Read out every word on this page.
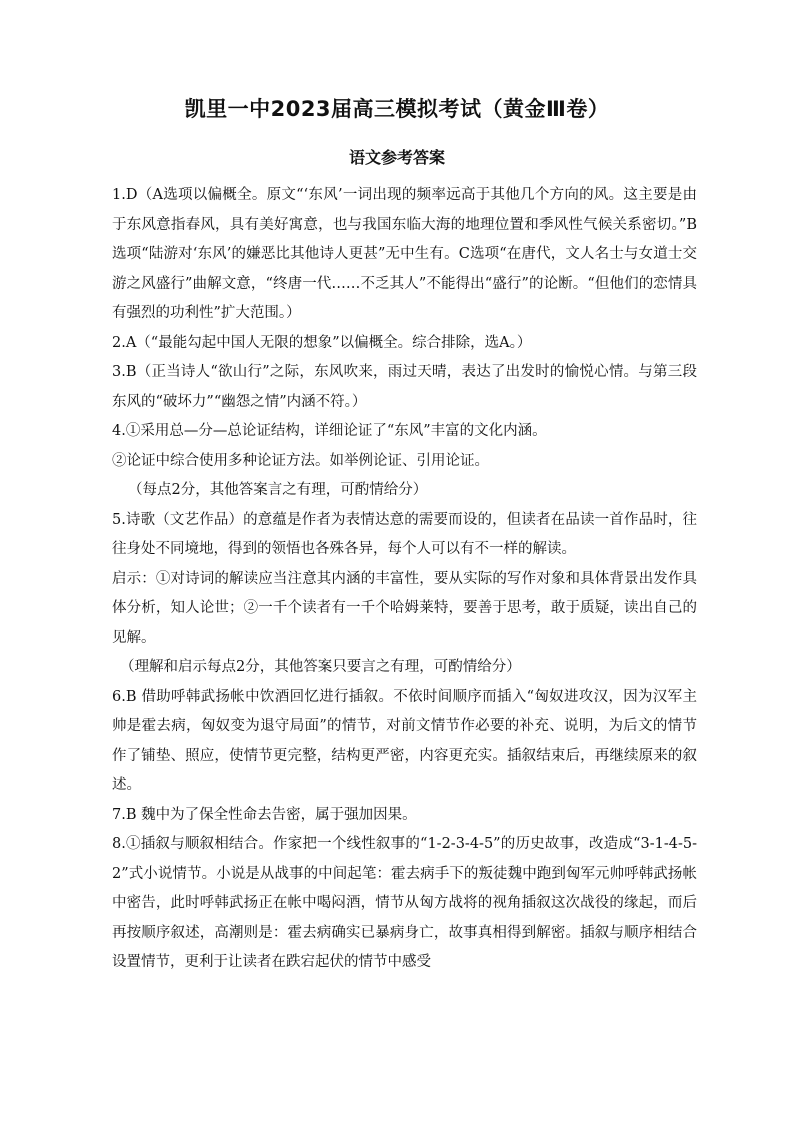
凯里一中2023届高三模拟考试（黄金Ⅲ卷）
语文参考答案

1.D（A选项以偏概全。原文“‘东风’一词出现的频率远高于其他几个方向的风。这主要是由于东风意指春风，具有美好寓意，也与我国东临大海的地理位置和季风性气候关系密切。”B选项“陆游对‘东风’的嫌恶比其他诗人更甚”无中生有。C选项“在唐代，文人名士与女道士交游之风盛行”曲解文意，“终唐一代……不乏其人”不能得出“盛行”的论断。“但他们的恋情具有强烈的功利性”扩大范围。）

2.A（“最能勾起中国人无限的想象”以偏概全。综合排除，选A。）

3.B（正当诗人“欲山行”之际，东风吹来，雨过天晴，表达了出发时的愉悦心情。与第三段东风的“破坏力”“幽怨之情”内涵不符。）

4.①采用总—分—总论证结构，详细论证了“东风”丰富的文化内涵。

②论证中综合使用多种论证方法。如举例论证、引用论证。

（每点2分，其他答案言之有理，可酌情给分）

5.诗歌（文艺作品）的意蕴是作者为表情达意的需要而设的，但读者在品读一首作品时，往往身处不同境地，得到的领悟也各殊各异，每个人可以有不一样的解读。

启示：①对诗词的解读应当注意其内涵的丰富性，要从实际的写作对象和具体背景出发作具体分析，知人论世；②一千个读者有一千个哈姆莱特，要善于思考，敢于质疑，读出自己的见解。

（理解和启示每点2分，其他答案只要言之有理，可酌情给分）

6.B 借助呼韩武扬帐中饮酒回忆进行插叙。不依时间顺序而插入“匈奴进攻汉，因为汉军主帅是霍去病，匈奴变为退守局面”的情节，对前文情节作必要的补充、说明，为后文的情节作了铺垫、照应，使情节更完整，结构更严密，内容更充实。插叙结束后，再继续原来的叙述。

7.B 魏中为了保全性命去告密，属于强加因果。

8.①插叙与顺叙相结合。作家把一个线性叙事的“1-2-3-4-5”的历史故事，改造成“3-1-4-5-2”式小说情节。小说是从战事的中间起笔：霍去病手下的叛徒魏中跑到匈军元帅呼韩武扬帐中密告，此时呼韩武扬正在帐中喝闷酒，情节从匈方战将的视角插叙这次战役的缘起，而后再按顺序叙述，高潮则是：霍去病确实已暴病身亡，故事真相得到解密。插叙与顺序相结合设置情节，更利于让读者在跌宕起伏的情节中感受
